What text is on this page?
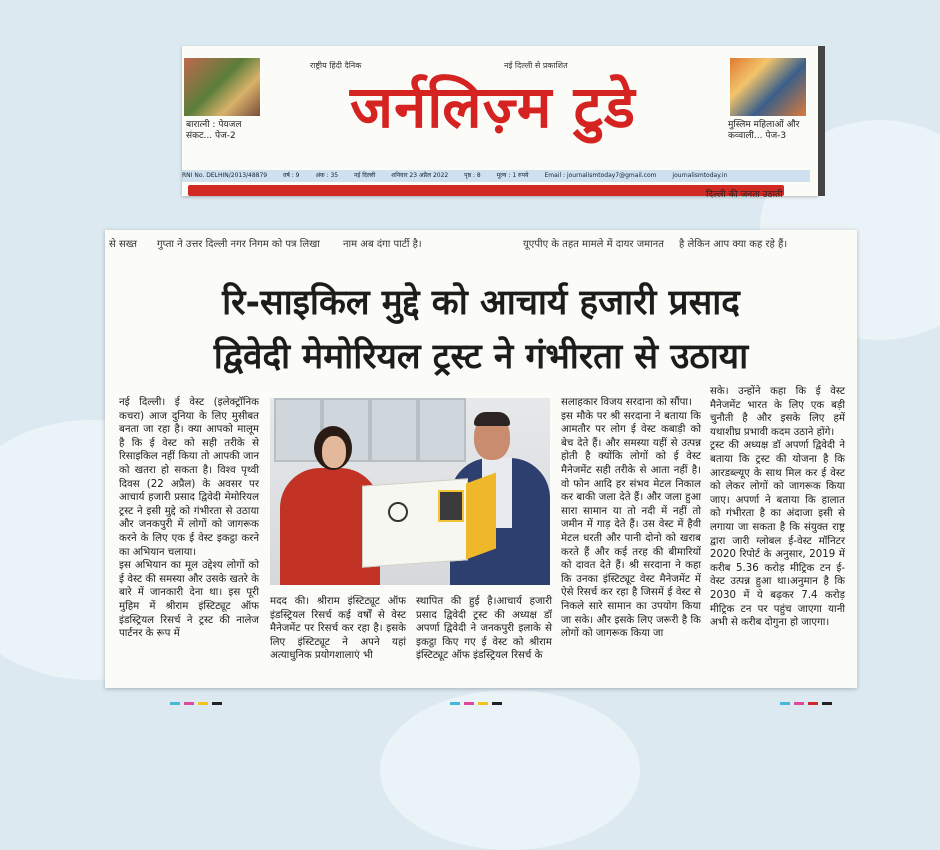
बारात्नी : पेयजल
संकट... पेज-2
राष्ट्रीय हिंदी दैनिक	नई दिल्ली से प्रकाशित
जर्नलिज़्म टुडे	मुस्लिम महिलाओं और
कव्वाली... पेज-3
RNI No. DELHIN/2013/48879	वर्ष : 9	अंक : 35	नई दिल्ली	शनिवार 23 अप्रैल 2022	पृष्ठ : 8	मूल्य : 1 रुपये	Email : journalismtoday7@gmail.com	journalismtoday.in
दिल्ली की जनता उठाती
से सख्त गुप्ता ने उत्तर दिल्ली नगर निगम को पत्र लिखा नाम अब दंगा पार्टी है।	यूएपीए के तहत मामले में दायर जमानत है लेकिन आप क्या कह रहे हैं।
रि-साइकिल मुद्दे को आचार्य हजारी प्रसाद
द्विवेदी मेमोरियल ट्रस्ट ने गंभीरता से उठाया

नई दिल्ली। ई वेस्ट (इलेक्ट्रॉनिक कचरा) आज दुनिया के लिए मुसीबत बनता जा रहा है। क्या आपको मालूम है कि ई वेस्ट को सही तरीके से रिसाइकिल नहीं किया तो आपकी जान को खतरा हो सकता है। विश्व पृथ्वी दिवस (22 अप्रैल) के अवसर पर आचार्य हजारी प्रसाद द्विवेदी मेमोरियल ट्रस्ट ने इसी मुद्दे को गंभीरता से उठाया और जनकपुरी में लोगों को जागरूक करने के लिए एक ई वेस्ट इकट्ठा करने का अभियान चलाया।
इस अभियान का मूल उद्देश्य लोगों को ई वेस्ट की समस्या और उसके खतरे के बारे में जानकारी देना था। इस पूरी मुहिम में श्रीराम इंस्टिट्यूट ऑफ इंडस्ट्रियल रिसर्च ने ट्रस्ट की नालेज पार्टनर के रूप में

मदद की। श्रीराम इंस्टिट्यूट ऑफ इंडस्ट्रियल रिसर्च कई वर्षों से वेस्ट मैनेजमेंट पर रिसर्च कर रहा है। इसके लिए इंस्टिट्यूट ने अपने यहां अत्याधुनिक प्रयोगशालाएं भी

स्थापित की हुई है।आचार्य हजारी प्रसाद द्विवेदी ट्रस्ट की अध्यक्ष डॉ अपर्णा द्विवेदी ने जनकपुरी इलाके से इकट्ठा किए गए ई वेस्ट को श्रीराम इंस्टिट्यूट ऑफ इंडस्ट्रियल रिसर्च के

सलाहकार विजय सरदाना को सौंपा।
इस मौके पर श्री सरदाना ने बताया कि आमतौर पर लोग ई वेस्ट कबाड़ी को बेच देते हैं। और समस्या यहीं से उत्पन्न होती है क्योंकि लोगों को ई वेस्ट मैनेजमेंट सही तरीके से आता नहीं है। वो फोन आदि हर संभव मेटल निकाल कर बाकी जला देते हैं। और जला हुआ सारा सामान या तो नदी में नहीं तो जमीन में गाड़ देते हैं। उस वेस्ट में हैवी मेटल धरती और पानी दोनो को खराब करते हैं और कई तरह की बीमारियों को दावत देते हैं। श्री सरदाना ने कहा कि उनका इंस्टिट्यूट वेस्ट मैनेजमेंट में ऐसे रिसर्च कर रहा है जिसमें ई वेस्ट से निकले सारे सामान का उपयोग किया जा सके। और इसके लिए जरूरी है कि लोगों को जागरूक किया जा

सके। उन्होंने कहा कि ई वेस्ट मैनेजमेंट भारत के लिए एक बड़ी चुनौती है और इसके लिए हमें यथाशीघ्र प्रभावी कदम उठाने होंगे।
ट्रस्ट की अध्यक्ष डॉ अपर्णा द्विवेदी ने बताया कि ट्रस्ट की योजना है कि आरडब्ल्यूए के साथ मिल कर ई वेस्ट को लेकर लोगों को जागरूक किया जाए। अपर्णा ने बताया कि हालात को गंभीरता है का अंदाजा इसी से लगाया जा सकता है कि संयुक्त राष्ट्र द्वारा जारी ग्लोबल ई-वेस्ट मॉनिटर 2020 रिपोर्ट के अनुसार, 2019 में करीब 5.36 करोड़ मीट्रिक टन ई-वेस्ट उत्पन्न हुआ था।अनुमान है कि 2030 में ये बढ़कर 7.4 करोड़ मीट्रिक टन पर पहुंच जाएगा यानी अभी से करीब दोगुना हो जाएगा।
